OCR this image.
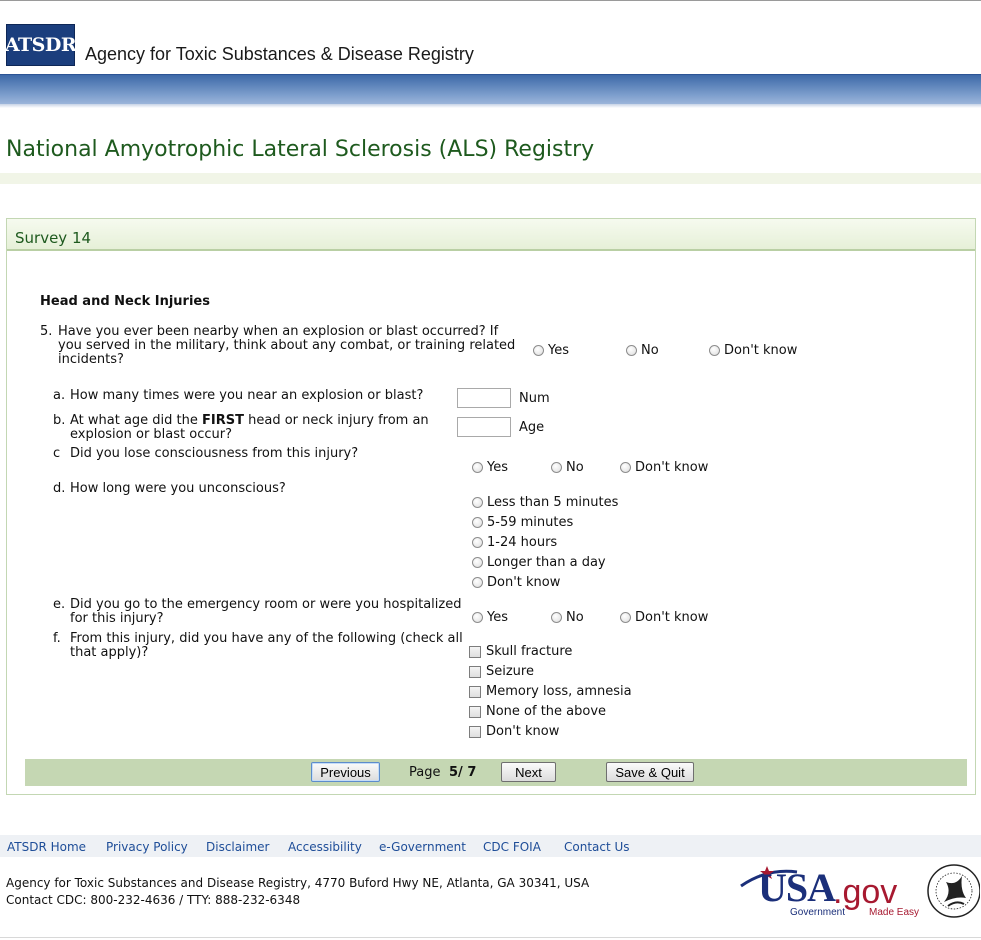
ATSDR Agency for Toxic Substances & Disease Registry
National Amyotrophic Lateral Sclerosis (ALS) Registry
Survey 14
Head and Neck Injuries
5. Have you ever been nearby when an explosion or blast occurred? If
you served in the military, think about any combat, or training related
incidents?
Yes	No	Don't know
a. How many times were you near an explosion or blast?	Num
b. At what age did the FIRST head or neck injury from an
explosion or blast occur?	Age
c Did you lose consciousness from this injury?
Yes	No	Don't know
d. How long were you unconscious?
Less than 5 minutes
5-59 minutes
1-24 hours
Longer than a day
Don't know
e. Did you go to the emergency room or were you hospitalized
for this injury?	Yes	No	Don't know
f. From this injury, did you have any of the following (check all
that apply)?	Skull fracture
Seizure
Memory loss, amnesia
None of the above
Don't know
Previous	Page 5/ 7	Next	Save & Quit
ATSDR Home Privacy Policy Disclaimer Accessibility e-Government CDC FOIA Contact Us
Agency for Toxic Substances and Disease Registry, 4770 Buford Hwy NE, Atlanta, GA 30341, USA
Contact CDC: 800-232-4636 / TTY: 888-232-6348	USA
.gov
Government Made Easy
